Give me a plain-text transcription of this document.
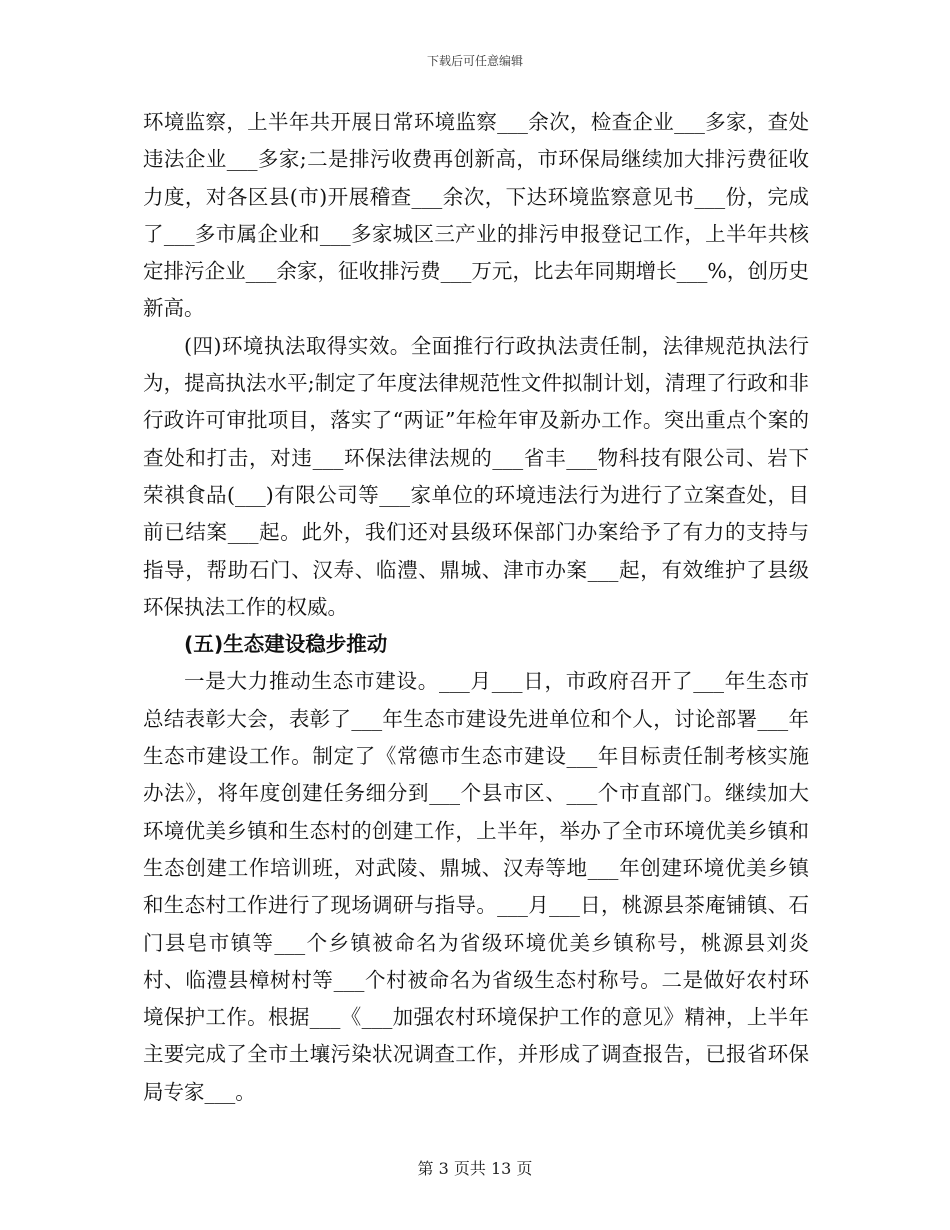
下载后可任意编辑

环境监察，上半年共开展日常环境监察___余次，检查企业___多家，查处违法企业___多家;二是排污收费再创新高，市环保局继续加大排污费征收力度，对各区县(市)开展稽查___余次，下达环境监察意见书___份，完成了___多市属企业和___多家城区三产业的排污申报登记工作，上半年共核定排污企业___余家，征收排污费___万元，比去年同期增长___%，创历史新高。

(四)环境执法取得实效。全面推行行政执法责任制，法律规范执法行为，提高执法水平;制定了年度法律规范性文件拟制计划，清理了行政和非行政许可审批项目，落实了“两证”年检年审及新办工作。突出重点个案的查处和打击，对违___环保法律法规的___省丰___物科技有限公司、岩下荣祺食品(___)有限公司等___家单位的环境违法行为进行了立案查处，目前已结案___起。此外，我们还对县级环保部门办案给予了有力的支持与指导，帮助石门、汉寿、临澧、鼎城、津市办案___起，有效维护了县级环保执法工作的权威。

(五)生态建设稳步推动

一是大力推动生态市建设。___月___日，市政府召开了___年生态市总结表彰大会，表彰了___年生态市建设先进单位和个人，讨论部署___年生态市建设工作。制定了《常德市生态市建设___年目标责任制考核实施办法》，将年度创建任务细分到___个县市区、___个市直部门。继续加大环境优美乡镇和生态村的创建工作，上半年，举办了全市环境优美乡镇和生态创建工作培训班，对武陵、鼎城、汉寿等地___年创建环境优美乡镇和生态村工作进行了现场调研与指导。___月___日，桃源县茶庵铺镇、石门县皂市镇等___个乡镇被命名为省级环境优美乡镇称号，桃源县刘炎村、临澧县樟树村等___个村被命名为省级生态村称号。二是做好农村环境保护工作。根据___《___加强农村环境保护工作的意见》精神，上半年主要完成了全市土壤污染状况调查工作，并形成了调查报告，已报省环保局专家___。

第 3 页共 13 页
